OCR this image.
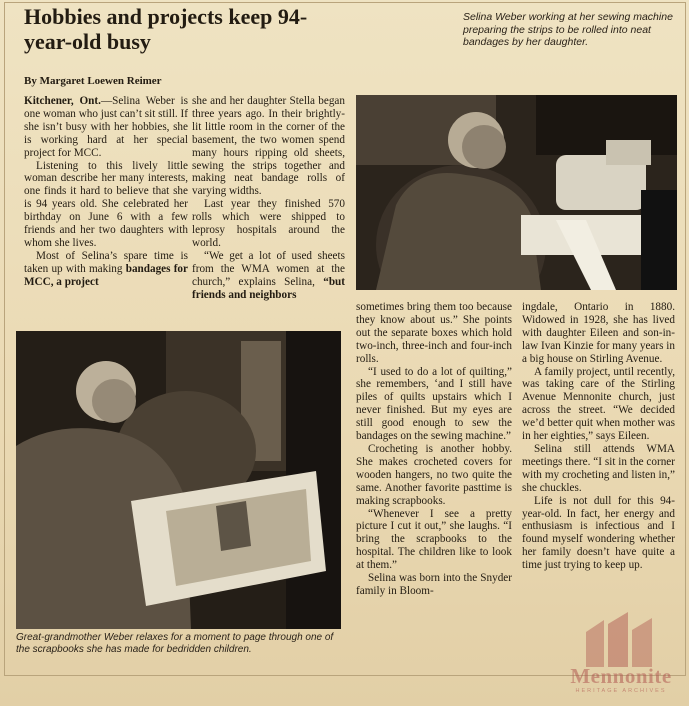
Hobbies and projects keep 94-year-old busy
Selina Weber working at her sewing machine preparing the strips to be rolled into neat bandages by her daughter.
By Margaret Loewen Reimer

Kitchener, Ont.—Selina Weber is one woman who just can’t sit still. If she isn’t busy with her hobbies, she is working hard at her special project for MCC.

Listening to this lively little woman describe her many interests, one finds it hard to believe that she is 94 years old. She celebrated her birthday on June 6 with a few friends and her two daughters with whom she lives.

Most of Selina’s spare time is taken up with making bandages for MCC, a project

she and her daughter Stella began three years ago. In their brightly-lit little room in the corner of the basement, the two women spend many hours ripping old sheets, sewing the strips together and making neat bandage rolls of varying widths.

Last year they finished 570 rolls which were shipped to leprosy hospitals around the world.

“We get a lot of used sheets from the WMA women at the church,” explains Selina, “but friends and neighbors

sometimes bring them too because they know about us.” She points out the separate boxes which hold two-inch, three-inch and four-inch rolls.

“I used to do a lot of quilting,” she remembers, ‘and I still have piles of quilts upstairs which I never finished. But my eyes are still good enough to sew the bandages on the sewing machine.”

Crocheting is another hobby. She makes crocheted covers for wooden hangers, no two quite the same. Another favorite pasttime is making scrapbooks.

“Whenever I see a pretty picture I cut it out,” she laughs. “I bring the scrapbooks to the hospital. The children like to look at them.”

Selina was born into the Snyder family in Bloom-

ingdale, Ontario in 1880. Widowed in 1928, she has lived with daughter Eileen and son-in-law Ivan Kinzie for many years in a big house on Stirling Avenue.

A family project, until recently, was taking care of the Stirling Avenue Mennonite church, just across the street. “We decided we’d better quit when mother was in her eighties,” says Eileen.

Selina still attends WMA meetings there. “I sit in the corner with my crocheting and listen in,” she chuckles.

Life is not dull for this 94-year-old. In fact, her energy and enthusiasm is infectious and I found myself wondering whether her family doesn’t have quite a time just trying to keep up.

Great-grandmother Weber relaxes for a moment to page through one of the scrapbooks she has made for bedridden children.
Mennonite
HERITAGE ARCHIVES
